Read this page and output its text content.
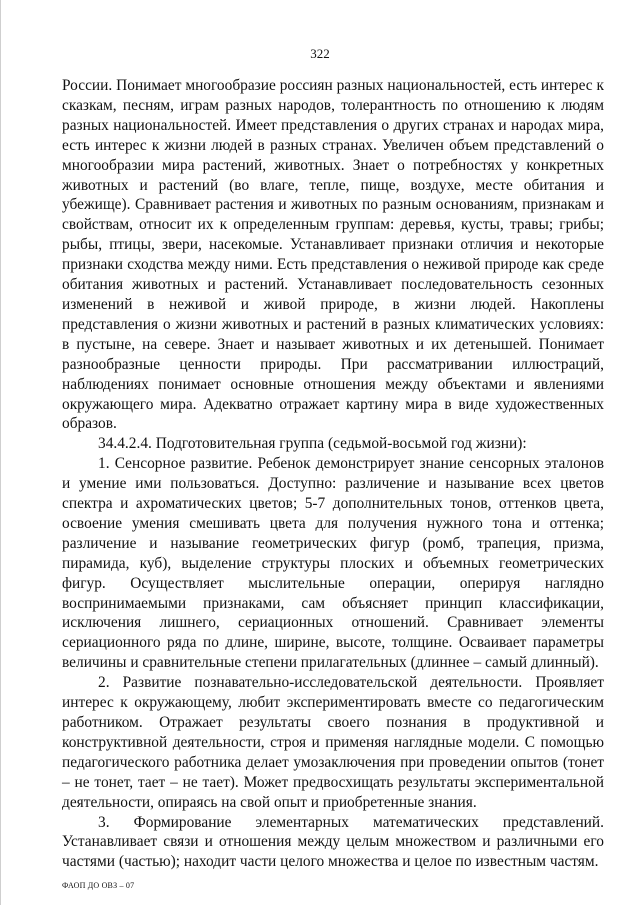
322

России. Понимает многообразие россиян разных национальностей, есть интерес к сказкам, песням, играм разных народов, толерантность по отношению к людям разных национальностей. Имеет представления о других странах и народах мира, есть интерес к жизни людей в разных странах. Увеличен объем представлений о многообразии мира растений, животных. Знает о потребностях у конкретных животных и растений (во влаге, тепле, пище, воздухе, месте обитания и убежище). Сравнивает растения и животных по разным основаниям, признакам и свойствам, относит их к определенным группам: деревья, кусты, травы; грибы; рыбы, птицы, звери, насекомые. Устанавливает признаки отличия и некоторые признаки сходства между ними. Есть представления о неживой природе как среде обитания животных и растений. Устанавливает последовательность сезонных изменений в неживой и живой природе, в жизни людей. Накоплены представления о жизни животных и растений в разных климатических условиях: в пустыне, на севере. Знает и называет животных и их детенышей. Понимает разнообразные ценности природы. При рассматривании иллюстраций, наблюдениях понимает основные отношения между объектами и явлениями окружающего мира. Адекватно отражает картину мира в виде художественных образов.

34.4.2.4. Подготовительная группа (седьмой-восьмой год жизни):

1. Сенсорное развитие. Ребенок демонстрирует знание сенсорных эталонов и умение ими пользоваться. Доступно: различение и называние всех цветов спектра и ахроматических цветов; 5-7 дополнительных тонов, оттенков цвета, освоение умения смешивать цвета для получения нужного тона и оттенка; различение и называние геометрических фигур (ромб, трапеция, призма, пирамида, куб), выделение структуры плоских и объемных геометрических фигур. Осуществляет мыслительные операции, оперируя наглядно воспринимаемыми признаками, сам объясняет принцип классификации, исключения лишнего, сериационных отношений. Сравнивает элементы сериационного ряда по длине, ширине, высоте, толщине. Осваивает параметры величины и сравнительные степени прилагательных (длиннее – самый длинный).

2. Развитие познавательно-исследовательской деятельности. Проявляет интерес к окружающему, любит экспериментировать вместе со педагогическим работником. Отражает результаты своего познания в продуктивной и конструктивной деятельности, строя и применяя наглядные модели. С помощью педагогического работника делает умозаключения при проведении опытов (тонет – не тонет, тает – не тает). Может предвосхищать результаты экспериментальной деятельности, опираясь на свой опыт и приобретенные знания.

3. Формирование элементарных математических представлений. Устанавливает связи и отношения между целым множеством и различными его частями (частью); находит части целого множества и целое по известным частям.

ФАОП ДО ОВЗ – 07
